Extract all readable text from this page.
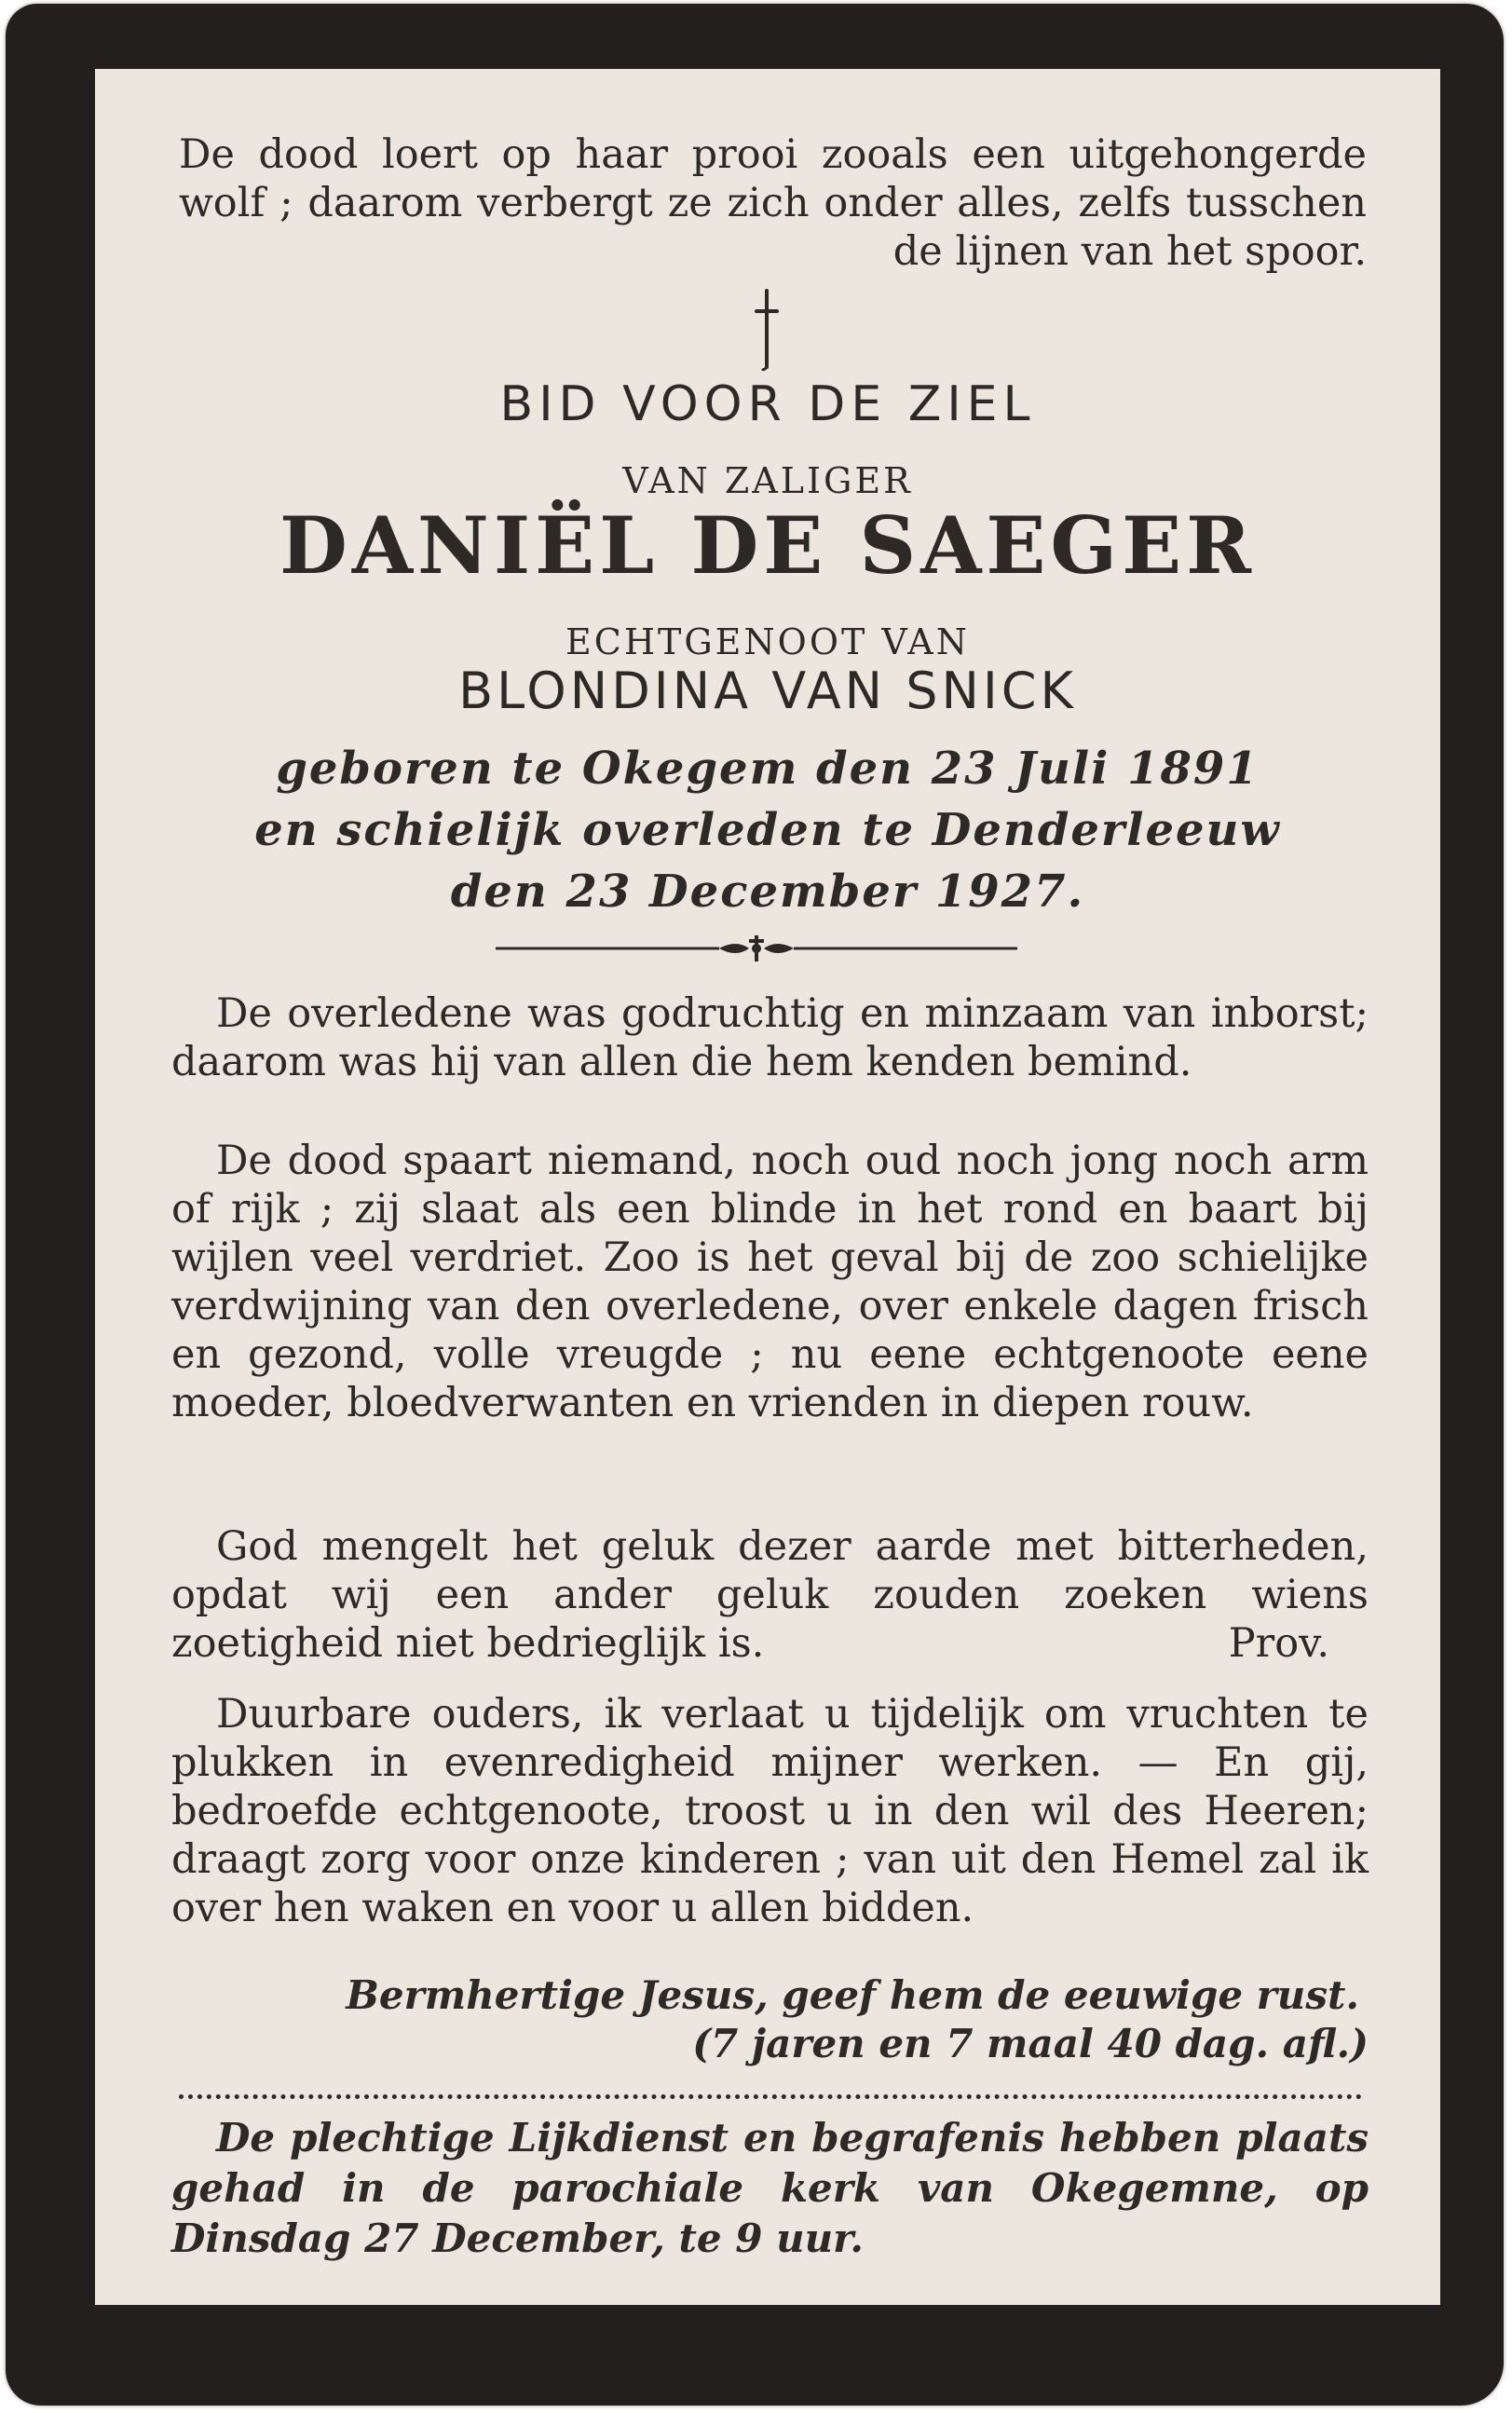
De dood loert op haar prooi zooals een uitgehongerde wolf ; daarom verbergt ze zich onder alles, zelfs tusschen de lijnen van het spoor.

BID VOOR DE ZIEL
VAN ZALIGER
DANIËL DE SAEGER
ECHTGENOOT VAN
BLONDINA VAN SNICK
geboren te Okegem den 23 Juli 1891
en schielijk overleden te Denderleeuw
den 23 December 1927.

De overledene was godruchtig en minzaam van inborst; daarom was hij van allen die hem kenden bemind.

De dood spaart niemand, noch oud noch jong noch arm of rijk ; zij slaat als een blinde in het rond en baart bij wijlen veel verdriet. Zoo is het geval bij de zoo schielijke verdwijning van den overledene, over enkele dagen frisch en gezond, volle vreugde ; nu eene echtgenoote eene moeder, bloedverwanten en vrienden in diepen rouw.

God mengelt het geluk dezer aarde met bitterheden, opdat wij een ander geluk zouden zoeken wiens zoetigheid niet bedrieglijk is.	Prov.

Duurbare ouders, ik verlaat u tijdelijk om vruchten te plukken in evenredigheid mijner werken. — En gij, bedroefde echtgenoote, troost u in den wil des Heeren; draagt zorg voor onze kinderen ; van uit den Hemel zal ik over hen waken en voor u allen bidden.

Bermhertige Jesus, geef hem de eeuwige rust.
(7 jaren en 7 maal 40 dag. afl.)

De plechtige Lijkdienst en begrafenis hebben plaats gehad in de parochiale kerk van Okegemne, op Dinsdag 27 December, te 9 uur.
